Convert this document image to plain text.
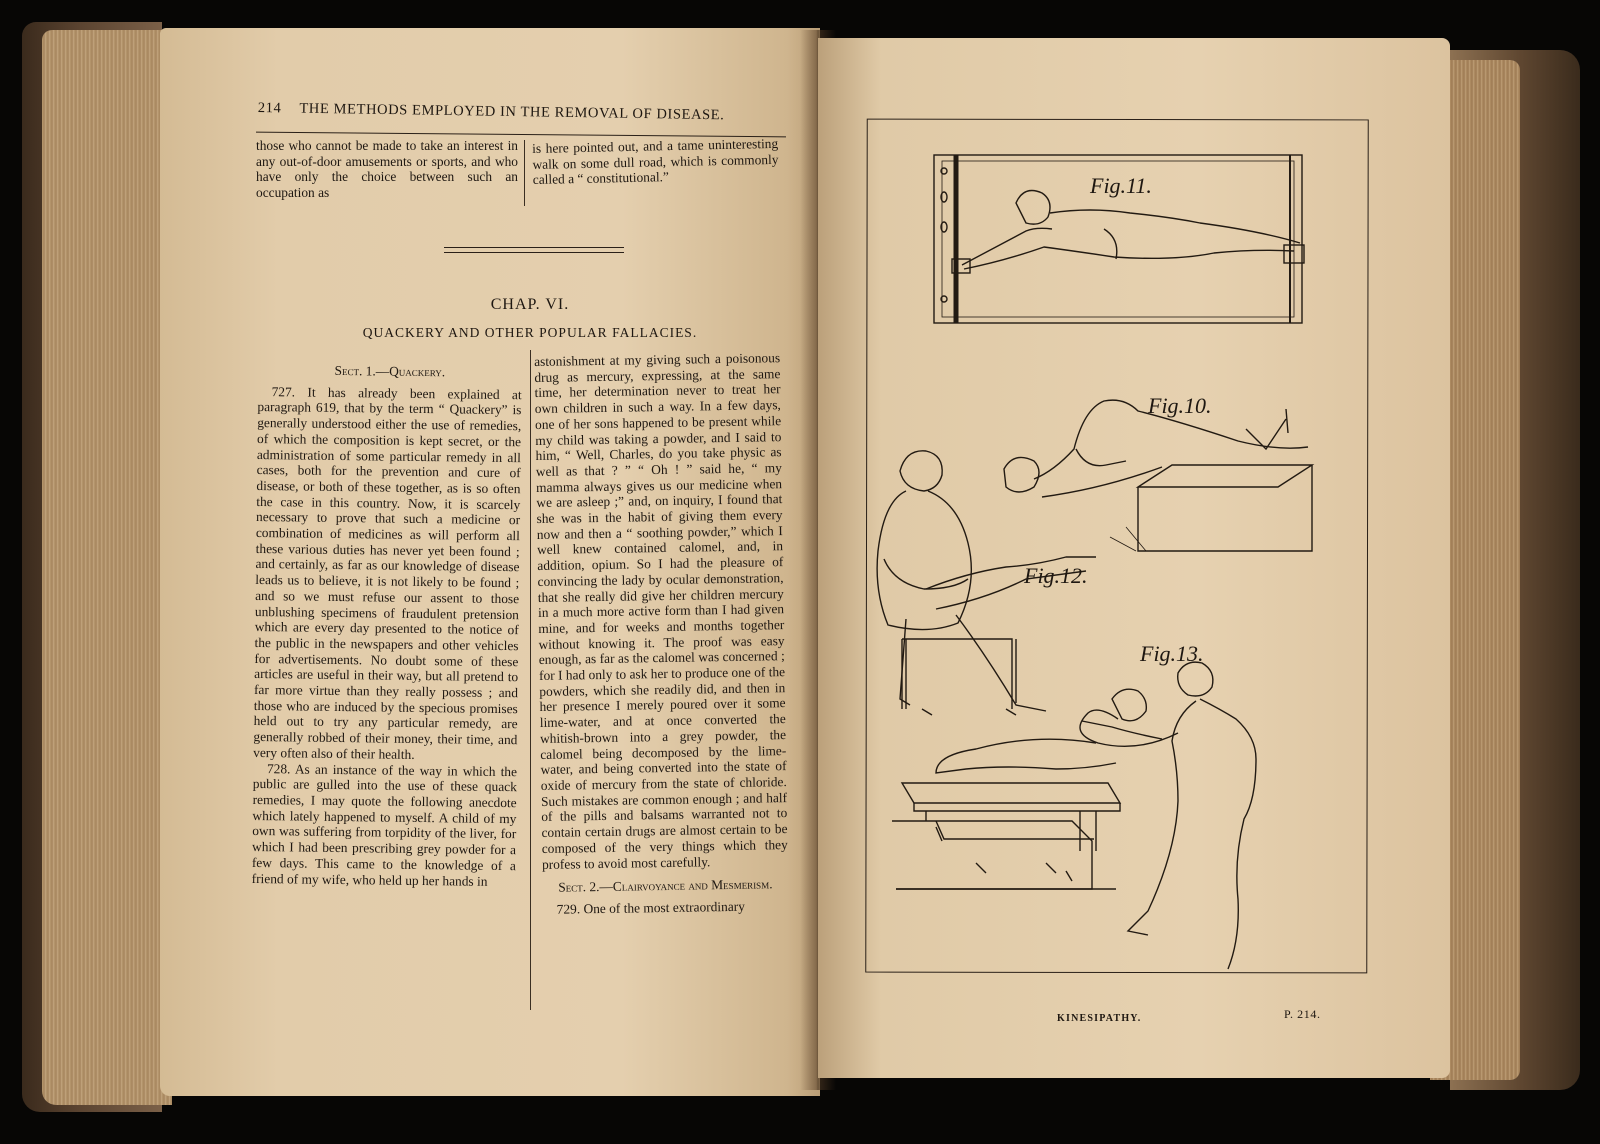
214 THE METHODS EMPLOYED IN THE REMOVAL OF DISEASE.

those who cannot be made to take an interest in any out-of-door amusements or sports, and who have only the choice between such an occupation as

is here pointed out, and a tame uninteresting walk on some dull road, which is commonly called a “ constitutional.”

CHAP. VI.
QUACKERY AND OTHER POPULAR FALLACIES.

Sect. 1.—Quackery.

727. It has already been explained at paragraph 619, that by the term “ Quackery” is generally understood either the use of remedies, of which the composition is kept secret, or the administration of some particular remedy in all cases, both for the prevention and cure of disease, or both of these together, as is so often the case in this country. Now, it is scarcely necessary to prove that such a medicine or combination of medicines as will perform all these various duties has never yet been found ; and certainly, as far as our knowledge of disease leads us to believe, it is not likely to be found ; and so we must refuse our assent to those unblushing specimens of fraudulent pretension which are every day presented to the notice of the public in the newspapers and other vehicles for advertisements. No doubt some of these articles are useful in their way, but all pretend to far more virtue than they really possess ; and those who are induced by the specious promises held out to try any particular remedy, are generally robbed of their money, their time, and very often also of their health.

728. As an instance of the way in which the public are gulled into the use of these quack remedies, I may quote the following anecdote which lately happened to myself. A child of my own was suffering from torpidity of the liver, for which I had been prescribing grey powder for a few days. This came to the knowledge of a friend of my wife, who held up her hands in

astonishment at my giving such a poisonous drug as mercury, expressing, at the same time, her determination never to treat her own children in such a way. In a few days, one of her sons happened to be present while my child was taking a powder, and I said to him, “ Well, Charles, do you take physic as well as that ? ” “ Oh ! ” said he, “ my mamma always gives us our medicine when we are asleep ;” and, on inquiry, I found that she was in the habit of giving them every now and then a “ soothing powder,” which I well knew contained calomel, and, in addition, opium. So I had the pleasure of convincing the lady by ocular demonstration, that she really did give her children mercury in a much more active form than I had given mine, and for weeks and months together without knowing it. The proof was easy enough, as far as the calomel was concerned ; for I had only to ask her to produce one of the powders, which she readily did, and then in her presence I merely poured over it some lime-water, and at once converted the whitish-brown into a grey powder, the calomel being decomposed by the lime-water, and being converted into the state of oxide of mercury from the state of chloride. Such mistakes are common enough ; and half of the pills and balsams warranted not to contain certain drugs are almost certain to be composed of the very things which they profess to avoid most carefully.

Sect. 2.—Clairvoyance and Mesmerism.

729. One of the most extraordinary

Fig.11.
Fig.10.
Fig.12.
Fig.13.
KINESIPATHY.	P. 214.
